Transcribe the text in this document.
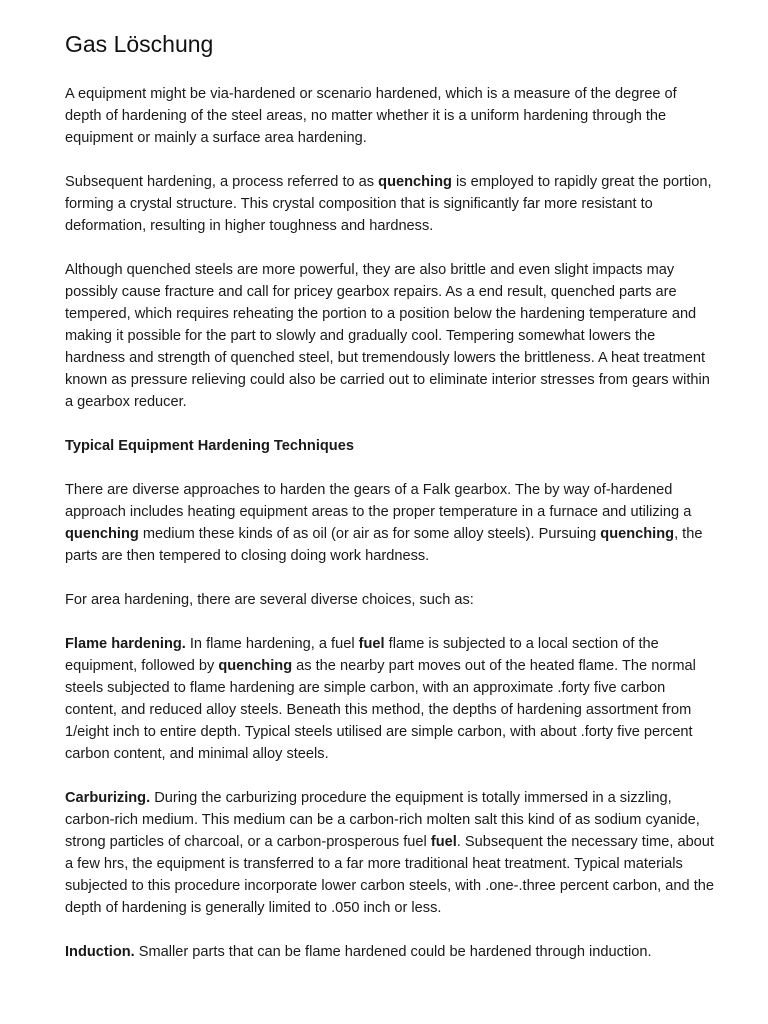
Gas Löschung

A equipment might be via-hardened or scenario hardened, which is a measure of the degree of depth of hardening of the steel areas, no matter whether it is a uniform hardening through the equipment or mainly a surface area hardening.

Subsequent hardening, a process referred to as quenching is employed to rapidly great the portion, forming a crystal structure. This crystal composition that is significantly far more resistant to deformation, resulting in higher toughness and hardness.

Although quenched steels are more powerful, they are also brittle and even slight impacts may possibly cause fracture and call for pricey gearbox repairs. As a end result, quenched parts are tempered, which requires reheating the portion to a position below the hardening temperature and making it possible for the part to slowly and gradually cool. Tempering somewhat lowers the hardness and strength of quenched steel, but tremendously lowers the brittleness. A heat treatment known as pressure relieving could also be carried out to eliminate interior stresses from gears within a gearbox reducer.

Typical Equipment Hardening Techniques

There are diverse approaches to harden the gears of a Falk gearbox. The by way of-hardened approach includes heating equipment areas to the proper temperature in a furnace and utilizing a quenching medium these kinds of as oil (or air as for some alloy steels). Pursuing quenching, the parts are then tempered to closing doing work hardness.

For area hardening, there are several diverse choices, such as:

Flame hardening. In flame hardening, a fuel fuel flame is subjected to a local section of the equipment, followed by quenching as the nearby part moves out of the heated flame. The normal steels subjected to flame hardening are simple carbon, with an approximate .forty five carbon content, and reduced alloy steels. Beneath this method, the depths of hardening assortment from 1/eight inch to entire depth. Typical steels utilised are simple carbon, with about .forty five percent carbon content, and minimal alloy steels.

Carburizing. During the carburizing procedure the equipment is totally immersed in a sizzling, carbon-rich medium. This medium can be a carbon-rich molten salt this kind of as sodium cyanide, strong particles of charcoal, or a carbon-prosperous fuel fuel. Subsequent the necessary time, about a few hrs, the equipment is transferred to a far more traditional heat treatment. Typical materials subjected to this procedure incorporate lower carbon steels, with .one-.three percent carbon, and the depth of hardening is generally limited to .050 inch or less.

Induction. Smaller parts that can be flame hardened could be hardened through induction.
